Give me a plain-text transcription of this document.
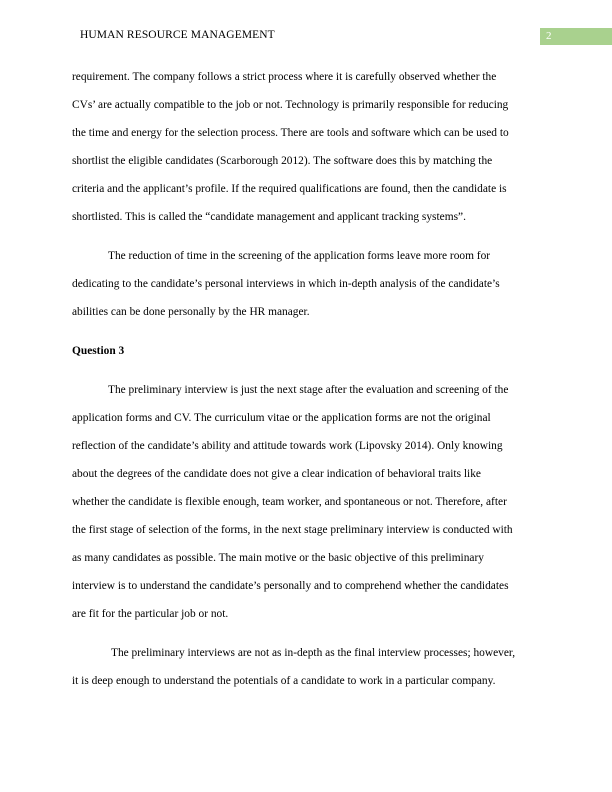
HUMAN RESOURCE MANAGEMENT	2

requirement. The company follows a strict process where it is carefully observed whether the
CVs’ are actually compatible to the job or not. Technology is primarily responsible for reducing
the time and energy for the selection process. There are tools and software which can be used to
shortlist the eligible candidates (Scarborough 2012). The software does this by matching the
criteria and the applicant’s profile. If the required qualifications are found, then the candidate is
shortlisted. This is called the “candidate management and applicant tracking systems”.

The reduction of time in the screening of the application forms leave more room for
dedicating to the candidate’s personal interviews in which in-depth analysis of the candidate’s
abilities can be done personally by the HR manager.

Question 3

The preliminary interview is just the next stage after the evaluation and screening of the
application forms and CV. The curriculum vitae or the application forms are not the original
reflection of the candidate’s ability and attitude towards work (Lipovsky 2014). Only knowing
about the degrees of the candidate does not give a clear indication of behavioral traits like
whether the candidate is flexible enough, team worker, and spontaneous or not. Therefore, after
the first stage of selection of the forms, in the next stage preliminary interview is conducted with
as many candidates as possible. The main motive or the basic objective of this preliminary
interview is to understand the candidate’s personally and to comprehend whether the candidates
are fit for the particular job or not.

The preliminary interviews are not as in-depth as the final interview processes; however,
it is deep enough to understand the potentials of a candidate to work in a particular company.
